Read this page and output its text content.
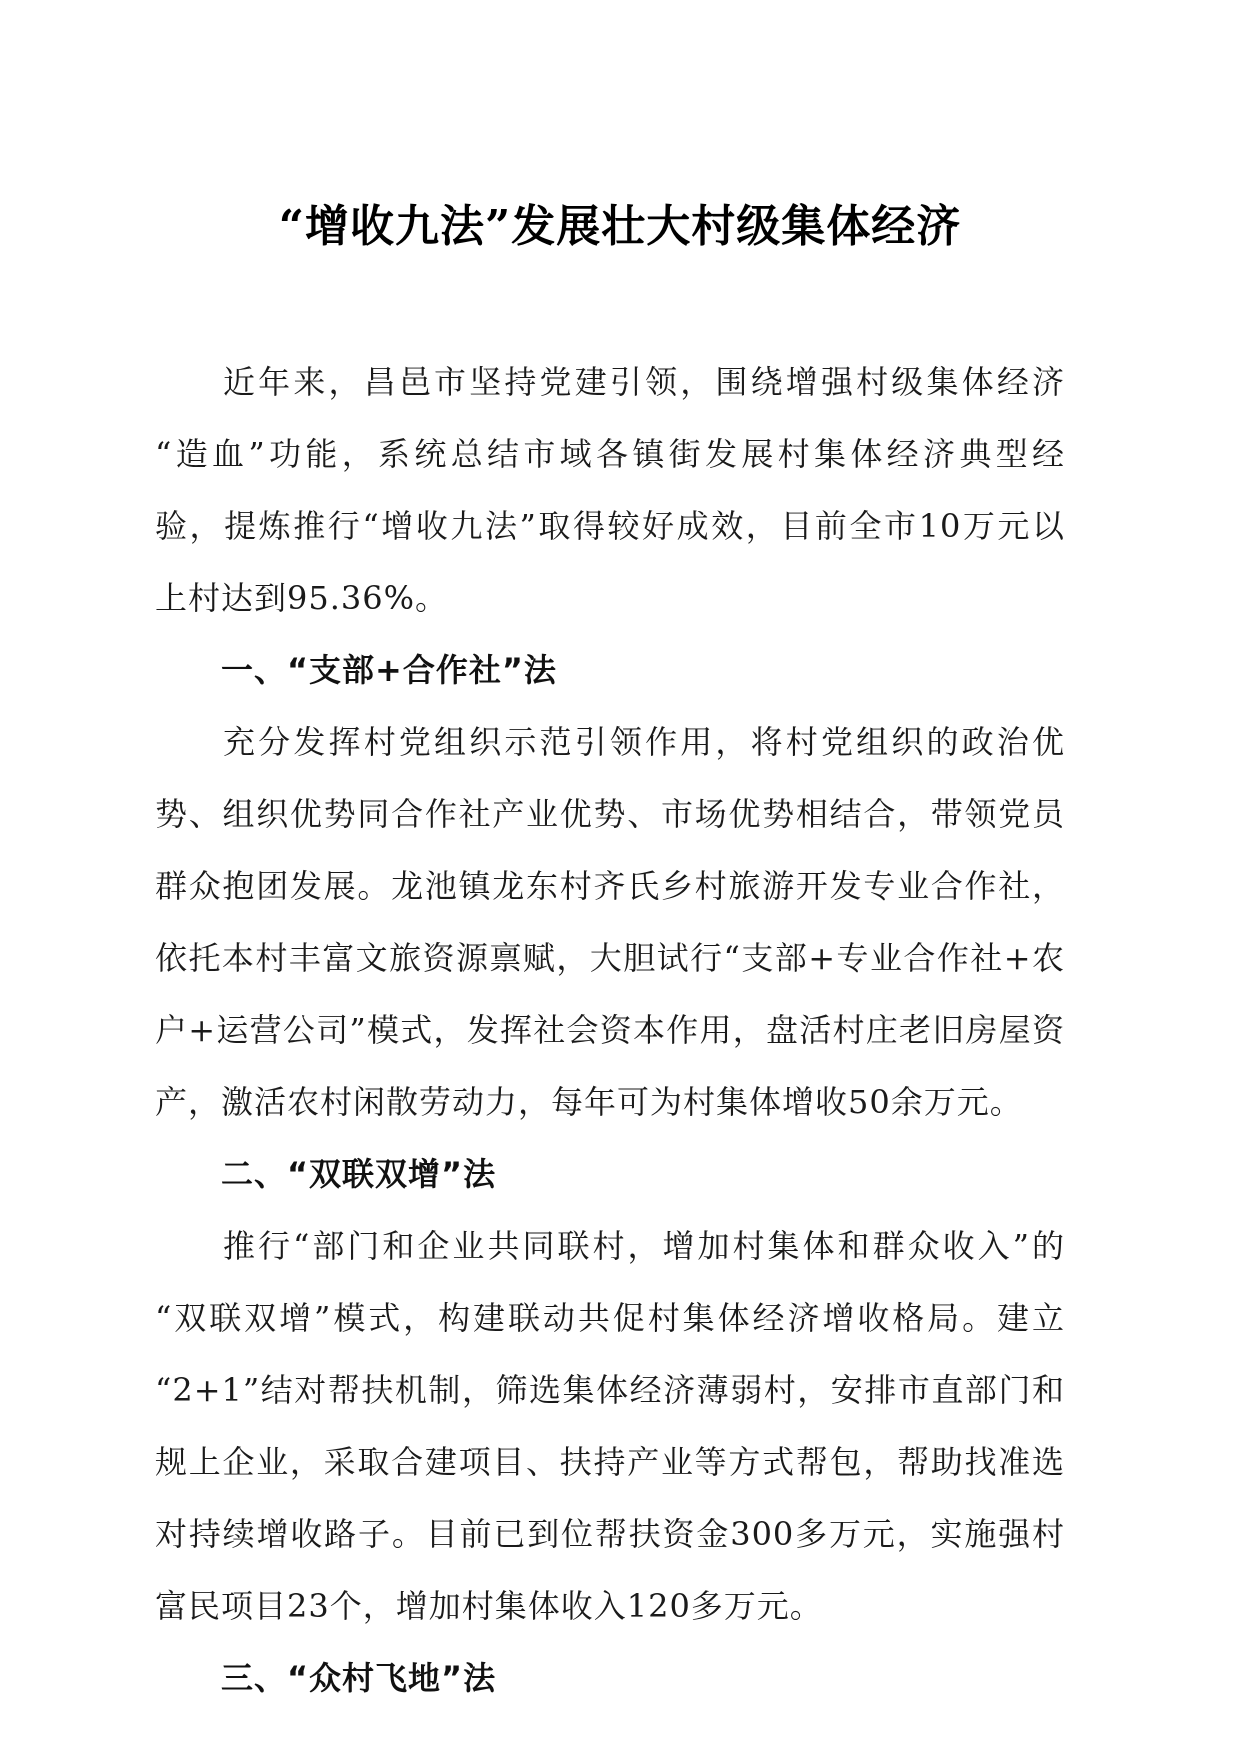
“增收九法”发展壮大村级集体经济
近年来，昌邑市坚持党建引领，围绕增强村级集体经济
“造血”功能，系统总结市域各镇街发展村集体经济典型经
验，提炼推行“增收九法”取得较好成效，目前全市10万元以
上村达到95.36%。
一、“支部+合作社”法
充分发挥村党组织示范引领作用，将村党组织的政治优
势、组织优势同合作社产业优势、市场优势相结合，带领党员
群众抱团发展。龙池镇龙东村齐氏乡村旅游开发专业合作社，
依托本村丰富文旅资源禀赋，大胆试行“支部+专业合作社+农
户+运营公司”模式，发挥社会资本作用，盘活村庄老旧房屋资
产，激活农村闲散劳动力，每年可为村集体增收50余万元。
二、“双联双增”法
推行“部门和企业共同联村，增加村集体和群众收入”的
“双联双增”模式，构建联动共促村集体经济增收格局。建立
“2+1”结对帮扶机制，筛选集体经济薄弱村，安排市直部门和
规上企业，采取合建项目、扶持产业等方式帮包，帮助找准选
对持续增收路子。目前已到位帮扶资金300多万元，实施强村
富民项目23个，增加村集体收入120多万元。
三、“众村飞地”法
